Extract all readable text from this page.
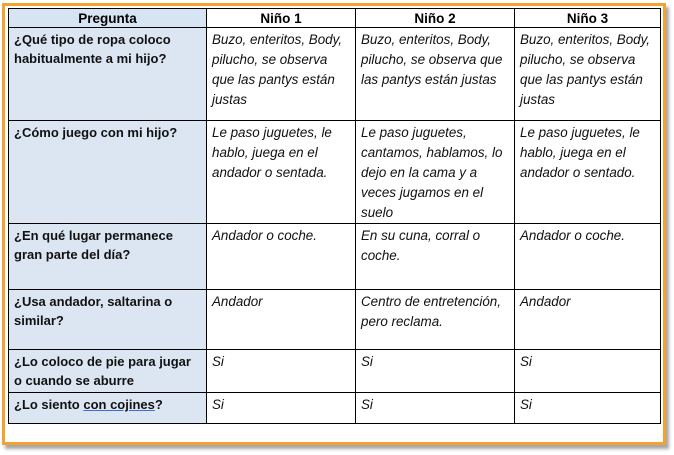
Pregunta	Niño 1	Niño 2	Niño 3
¿Qué tipo de ropa coloco habitualmente a mi hijo?	Buzo, enteritos, Body, pilucho, se observa que las pantys están justas	Buzo, enteritos, Body, pilucho, se observa que las pantys están justas	Buzo, enteritos, Body, pilucho, se observa que las pantys están justas
¿Cómo juego con mi hijo?	Le paso juguetes, le hablo, juega en el andador o sentada.	Le paso juguetes, cantamos, hablamos, lo dejo en la cama y a veces jugamos en el suelo	Le paso juguetes, le hablo, juega en el andador o sentado.
¿En qué lugar permanece gran parte del día?	Andador o coche.	En su cuna, corral o coche.	Andador o coche.
¿Usa andador, saltarina o similar?	Andador	Centro de entretención, pero reclama.	Andador
¿Lo coloco de pie para jugar o cuando se aburre	Si	Si	Si
¿Lo siento con cojines?	Si	Si	Si
